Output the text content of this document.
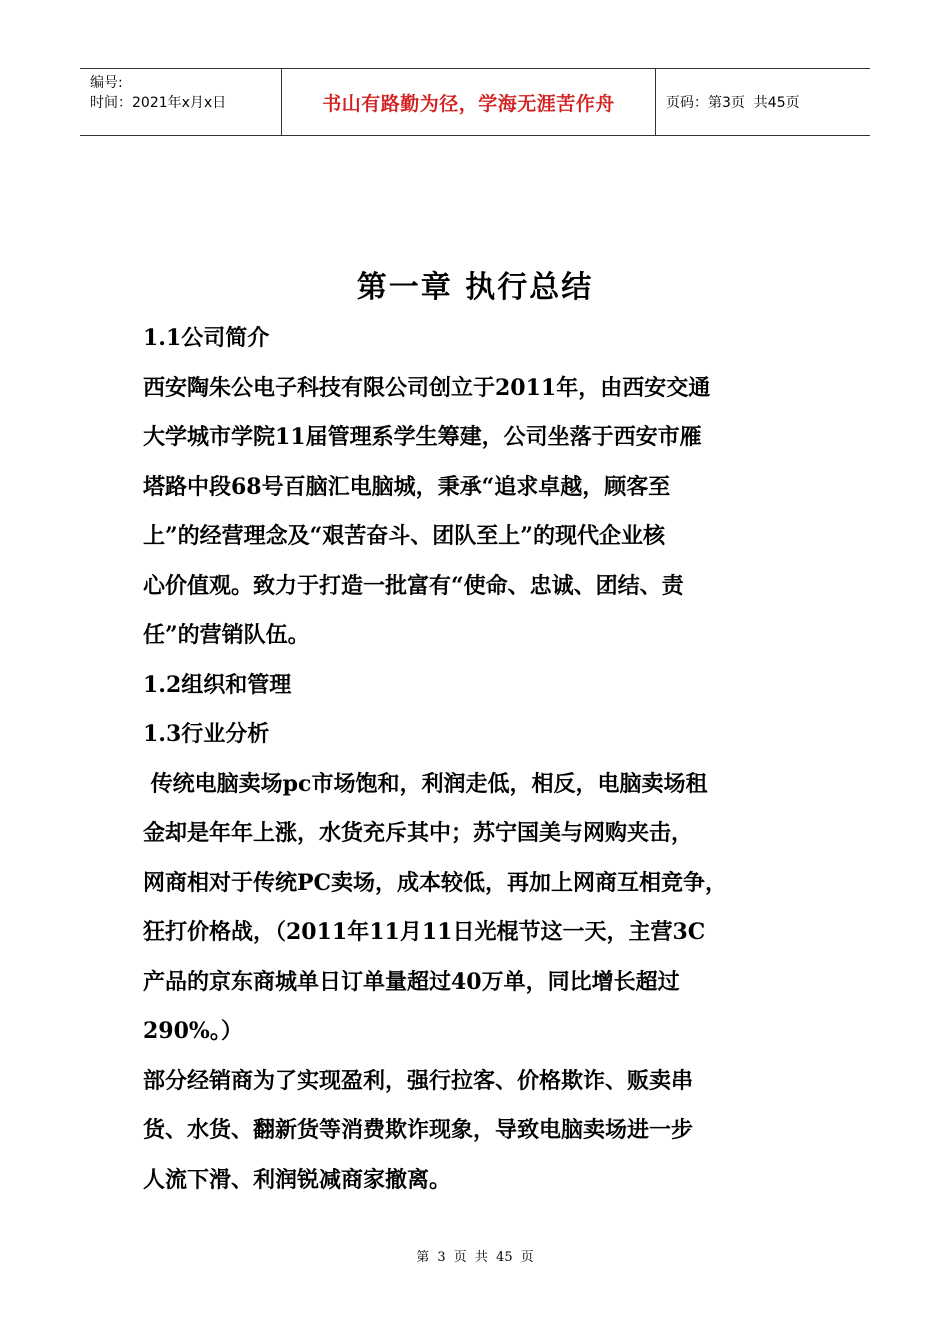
编号:
时间：2021年x月x日	书山有路勤为径，学海无涯苦作舟	页码：第3页  共45页
第一章 执行总结

1.1公司简介

西安陶朱公电子科技有限公司创立于2011年，由西安交通

大学城市学院11届管理系学生筹建，公司坐落于西安市雁

塔路中段68号百脑汇电脑城，秉承“追求卓越，顾客至

上”的经营理念及“艰苦奋斗、团队至上”的现代企业核

心价值观。致力于打造一批富有“使命、忠诚、团结、责

任”的营销队伍。

1.2组织和管理

1.3行业分析

传统电脑卖场pc市场饱和，利润走低，相反，电脑卖场租

金却是年年上涨，水货充斥其中；苏宁国美与网购夹击，

网商相对于传统PC卖场，成本较低，再加上网商互相竞争，

狂打价格战，（2011年11月11日光棍节这一天，主营3C

产品的京东商城单日订单量超过40万单，同比增长超过

290%。）

部分经销商为了实现盈利，强行拉客、价格欺诈、贩卖串

货、水货、翻新货等消费欺诈现象，导致电脑卖场进一步

人流下滑、利润锐减商家撤离。

第 3 页 共 45 页
